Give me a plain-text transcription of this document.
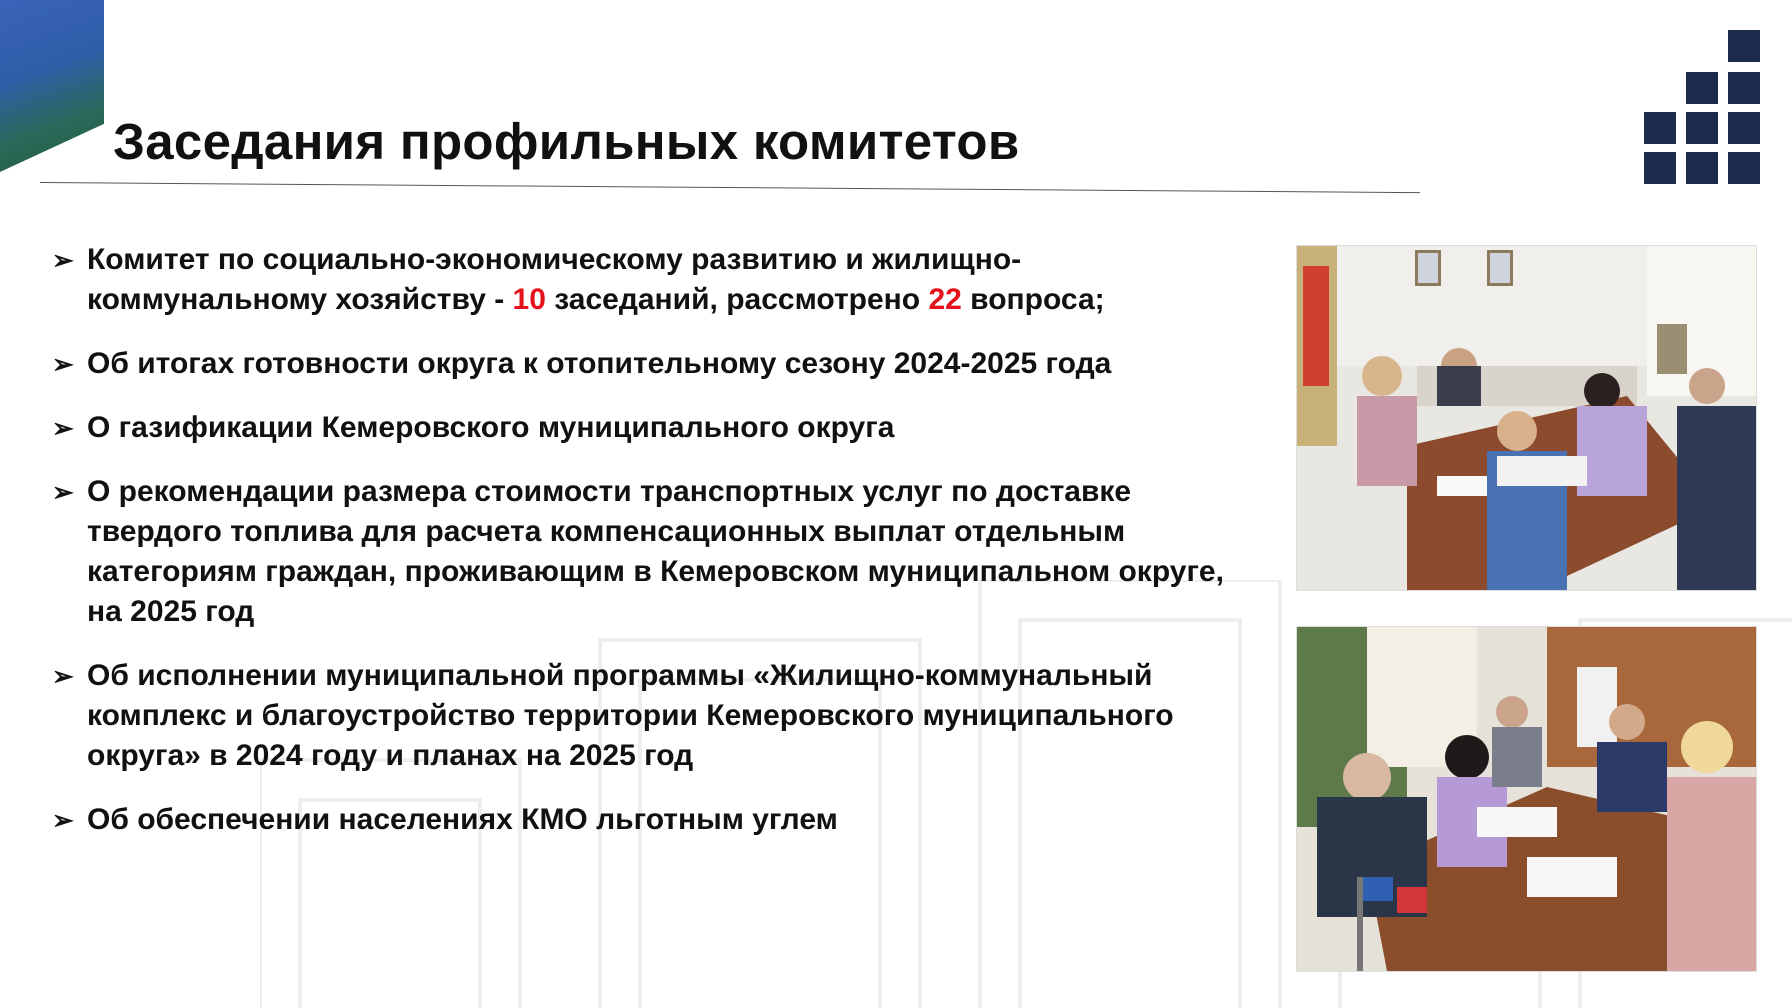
Заседания профильных комитетов
➢ Комитет по социально-экономическому развитию и жилищно-коммунальному хозяйству - 10 заседаний, рассмотрено 22 вопроса;
➢ Об итогах готовности округа к отопительному сезону 2024-2025 года
➢ О газификации Кемеровского муниципального округа
➢ О рекомендации размера стоимости транспортных услуг по доставке твердого топлива для расчета компенсационных выплат отдельным категориям граждан, проживающим в Кемеровском муниципальном округе, на 2025 год
➢ Об исполнении муниципальной программы «Жилищно-коммунальный комплекс и благоустройство территории Кемеровского муниципального округа» в 2024 году и планах на 2025 год
➢ Об обеспечении населениях КМО льготным углем
